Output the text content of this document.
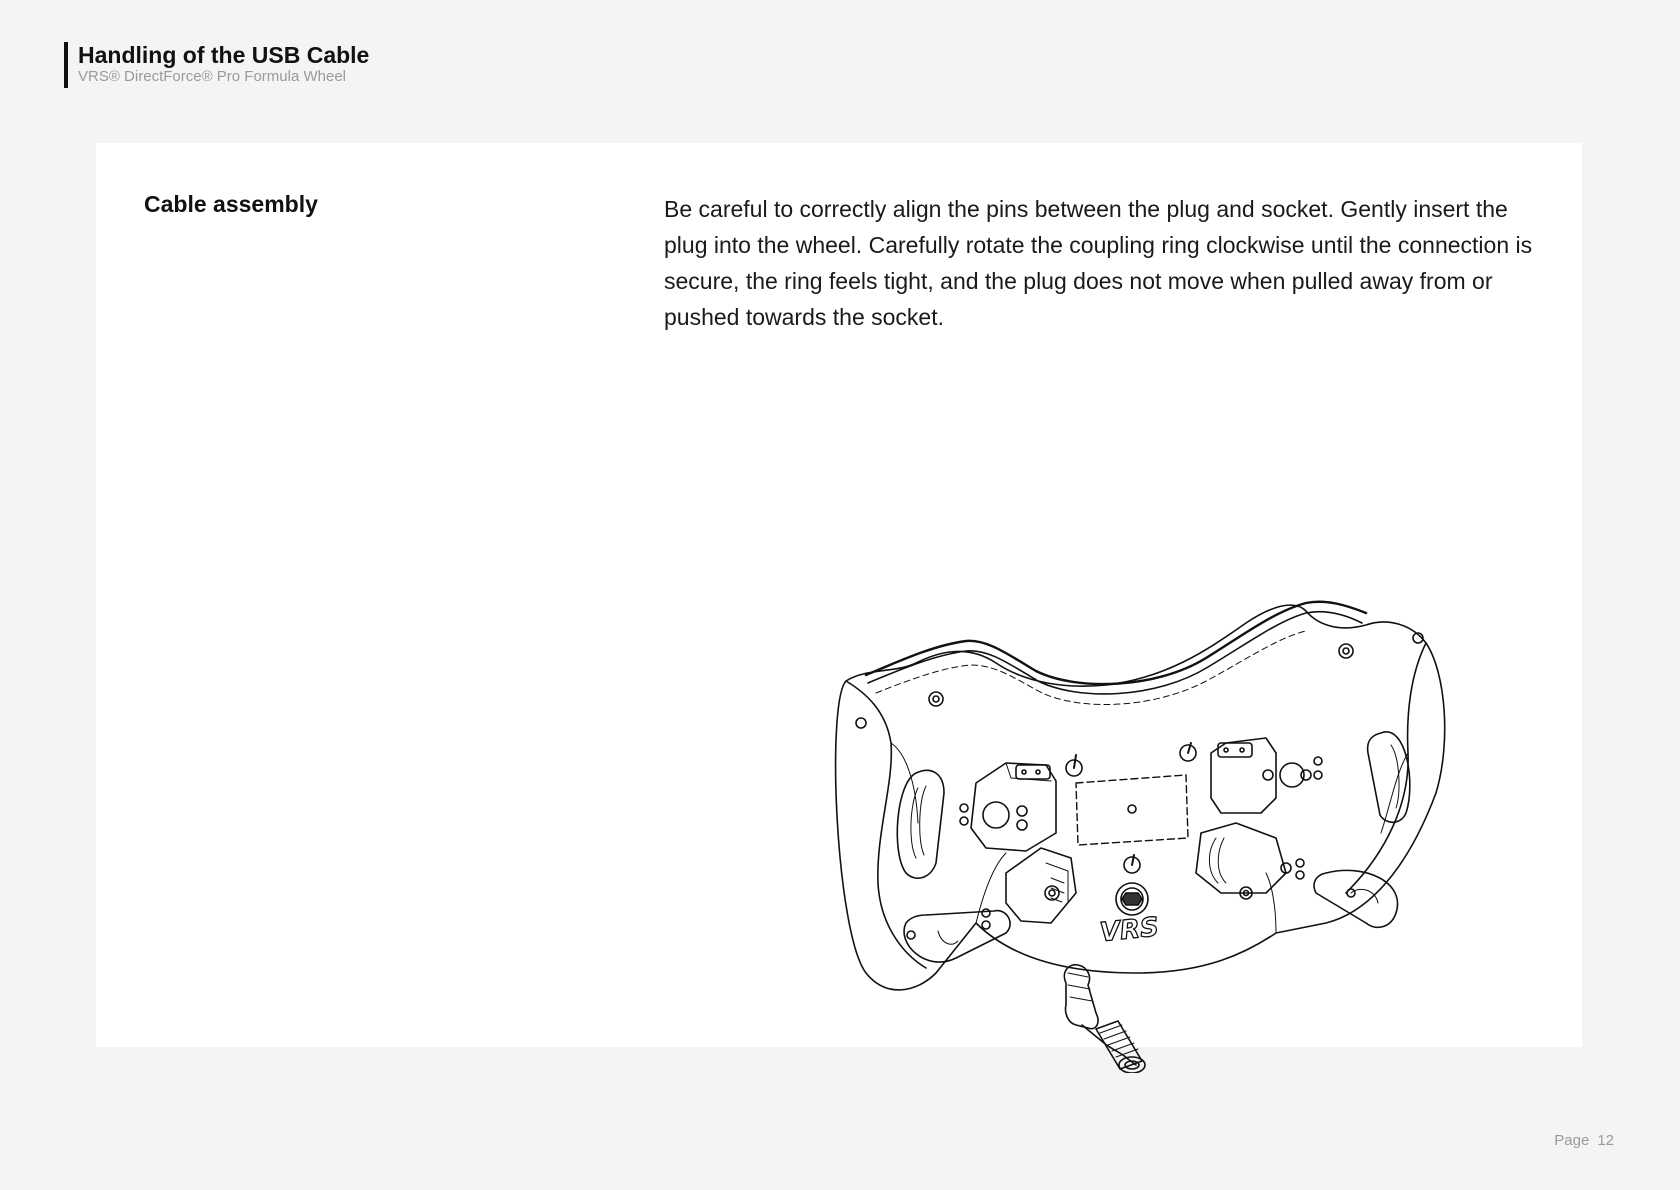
Handling of the USB Cable
VRS® DirectForce® Pro Formula Wheel
Cable assembly	Be careful to correctly align the pins between the plug and socket. Gently insert the plug into the wheel. Carefully rotate the coupling ring clockwise until the connection is secure, the ring feels tight, and the plug does not move when pulled away from or pushed towards the socket.
VRS
Page 12
